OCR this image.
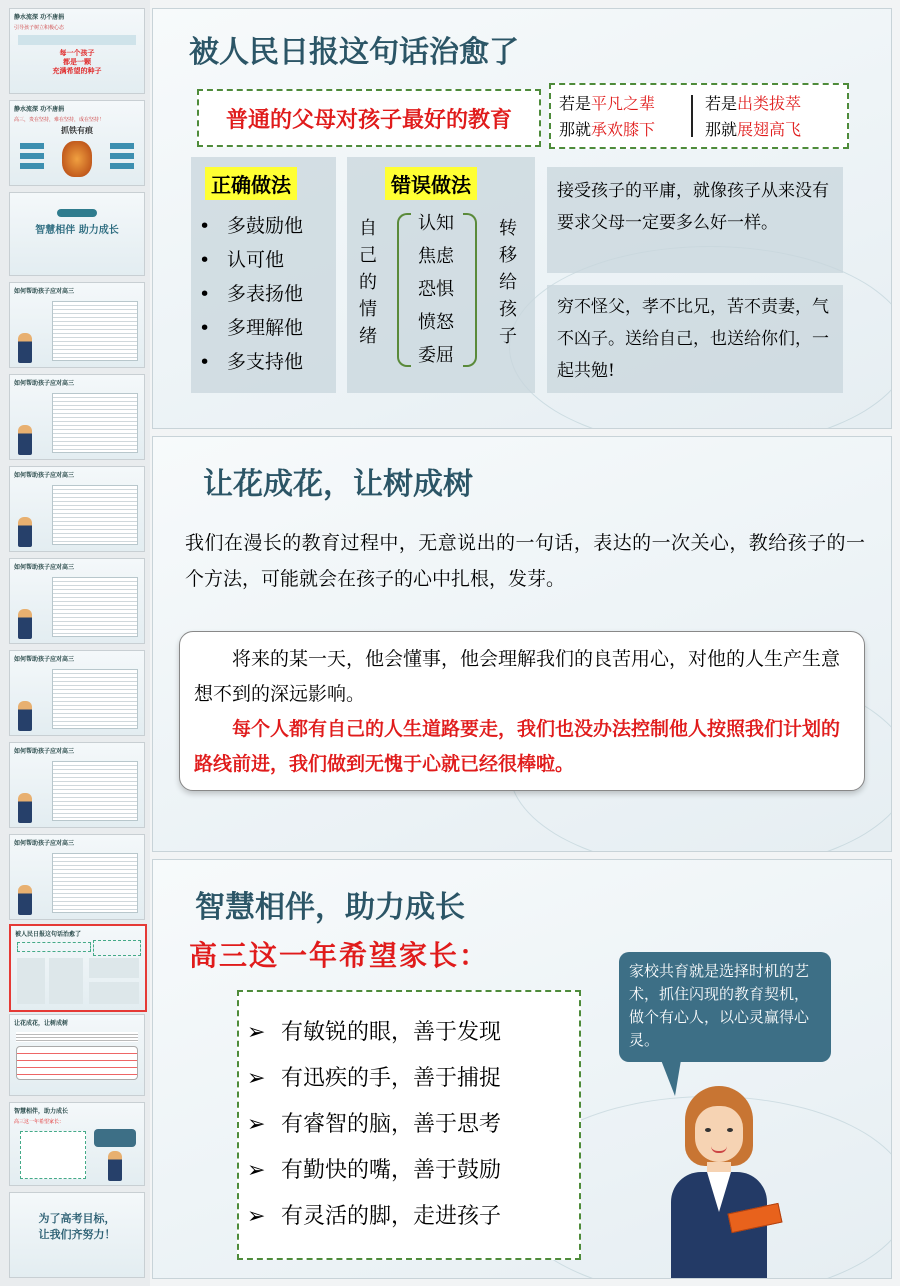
静水流深 功不唐捐
引导孩子树立积极心态
每一个孩子
都是一颗
充满希望的种子
静水流深 功不唐捐
高三，贵在坚持，难在坚持，成在坚持！
抓铁有痕
智慧相伴 助力成长
如何帮助孩子应对高三
如何帮助孩子应对高三
如何帮助孩子应对高三
如何帮助孩子应对高三
如何帮助孩子应对高三
如何帮助孩子应对高三
如何帮助孩子应对高三
被人民日报这句话治愈了
让花成花，让树成树
智慧相伴，助力成长
高三这一年希望家长：
为了高考目标，
让我们齐努力！
被人民日报这句话治愈了
普通的父母对孩子最好的教育
若是平凡之辈
那就承欢膝下
若是出类拔萃
那就展翅高飞
正确做法
• 多鼓励他
• 认可他
• 多表扬他
• 多理解他
• 多支持他
错误做法
自
己
的
情
绪
认知
焦虑
恐惧
愤怒
委屈
转
移
给
孩
子
接受孩子的平庸，就像孩子从来没有要求父母一定要多么好一样。
穷不怪父，孝不比兄，苦不责妻，气不凶子。送给自己，也送给你们，一起共勉!
让花成花，让树成树
我们在漫长的教育过程中，无意说出的一句话，表达的一次关心，教给孩子的一个方法，可能就会在孩子的心中扎根，发芽。
将来的某一天，他会懂事，他会理解我们的良苦用心，对他的人生产生意想不到的深远影响。
每个人都有自己的人生道路要走，我们也没办法控制他人按照我们计划的路线前进，我们做到无愧于心就已经很棒啦。
智慧相伴，助力成长
高三这一年希望家长：
➢ 有敏锐的眼，善于发现
➢ 有迅疾的手，善于捕捉
➢ 有睿智的脑，善于思考
➢ 有勤快的嘴，善于鼓励
➢ 有灵活的脚，走进孩子
家校共育就是选择时机的艺术，抓住闪现的教育契机，做个有心人，以心灵赢得心灵。
